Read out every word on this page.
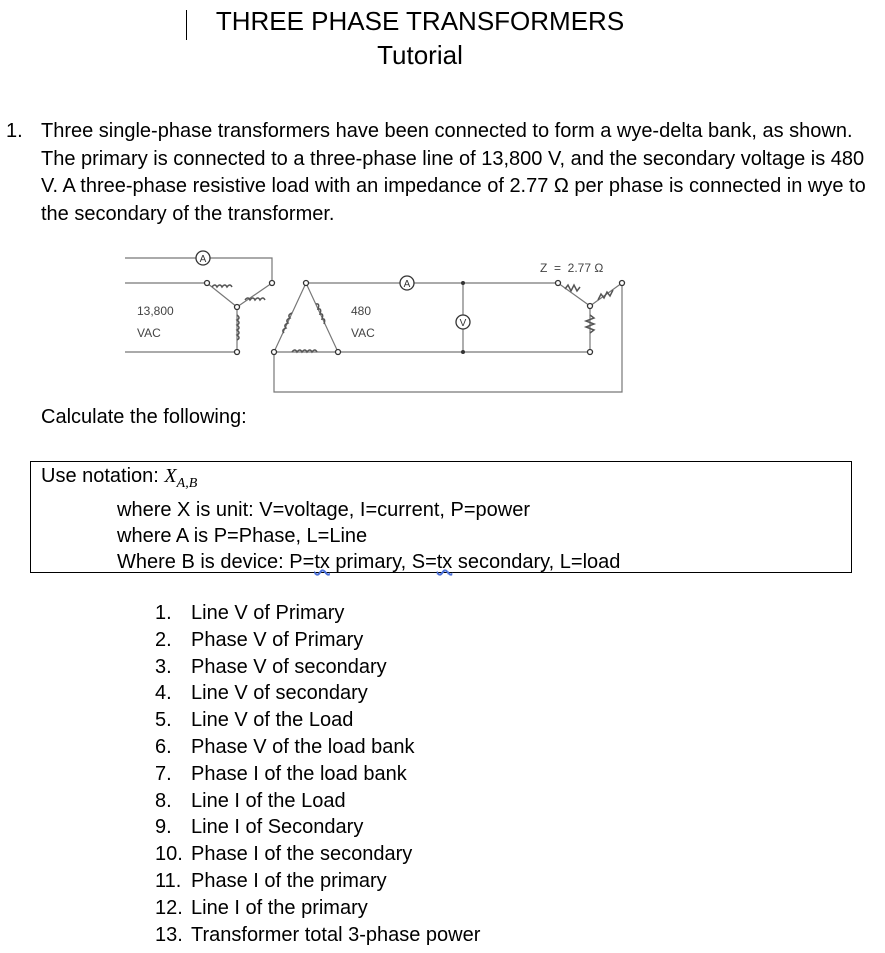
THREE PHASE TRANSFORMERS
Tutorial
1. Three single-phase transformers have been connected to form a wye-delta bank, as shown. The primary is connected to a three-phase line of 13,800 V, and the secondary voltage is 480 V. A three-phase resistive load with an impedance of 2.77 Ω per phase is connected in wye to the secondary of the transformer.
A
A
V
13,800
VAC
480
VAC
Z  =  2.77 Ω
Calculate the following:
Use notation: $X_{A,B}$
where X is unit: V=voltage, I=current, P=power
where A is P=Phase, L=Line
Where B is device: P=tx primary, S=tx secondary, L=load
1. Line V of Primary
2. Phase V of Primary
3. Phase V of secondary
4. Line V of secondary
5. Line V of the Load
6. Phase V of the load bank
7. Phase I of the load bank
8. Line I of the Load
9. Line I of Secondary
10. Phase I of the secondary
11. Phase I of the primary
12. Line I of the primary
13. Transformer total 3-phase power
